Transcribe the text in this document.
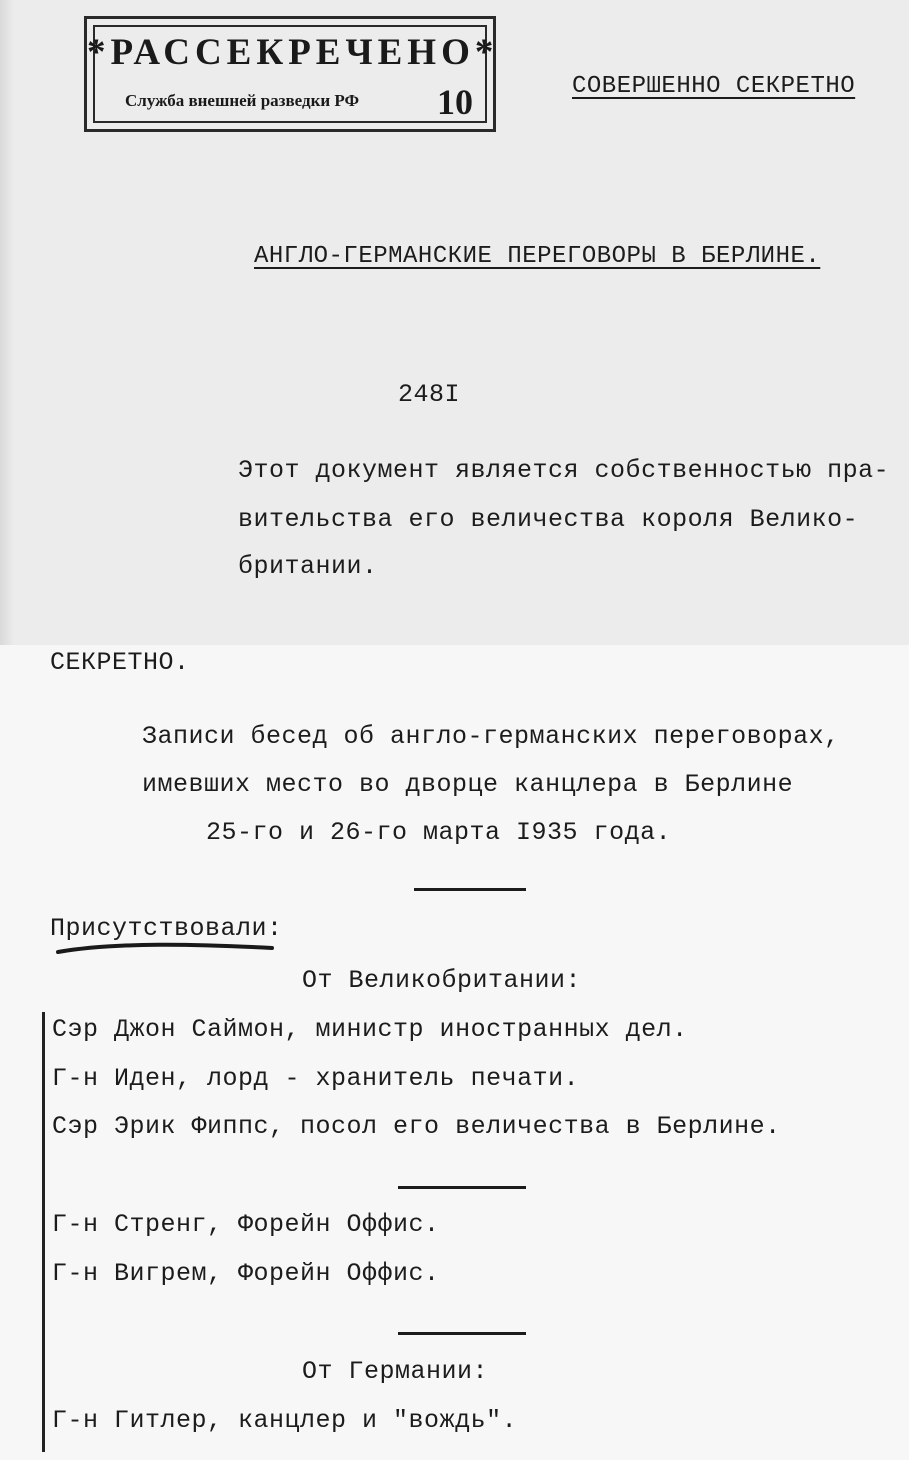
*РАССЕКРЕЧЕНО*
Служба внешней разведки РФ 10	СОВЕРШЕННО СЕКРЕТНО
АНГЛО-ГЕРМАНСКИЕ ПЕРЕГОВОРЫ В БЕРЛИНЕ.
248I
Этот документ является собственностью пра-
вительства его величества короля Велико-
британии.
СЕКРЕТНО.
Записи бесед об англо-германских переговорах,
имевших место во дворце канцлера в Берлине
25-го и 26-го марта I935 года.
Присутствовали:
От Великобритании:
Сэр Джон Саймон, министр иностранных дел.
Г-н Иден, лорд - хранитель печати.
Сэр Эрик Фиппс, посол его величества в Берлине.
Г-н Стренг, Форейн Оффис.
Г-н Вигрем, Форейн Оффис.
От Германии:
Г-н Гитлер, канцлер и "вождь".
